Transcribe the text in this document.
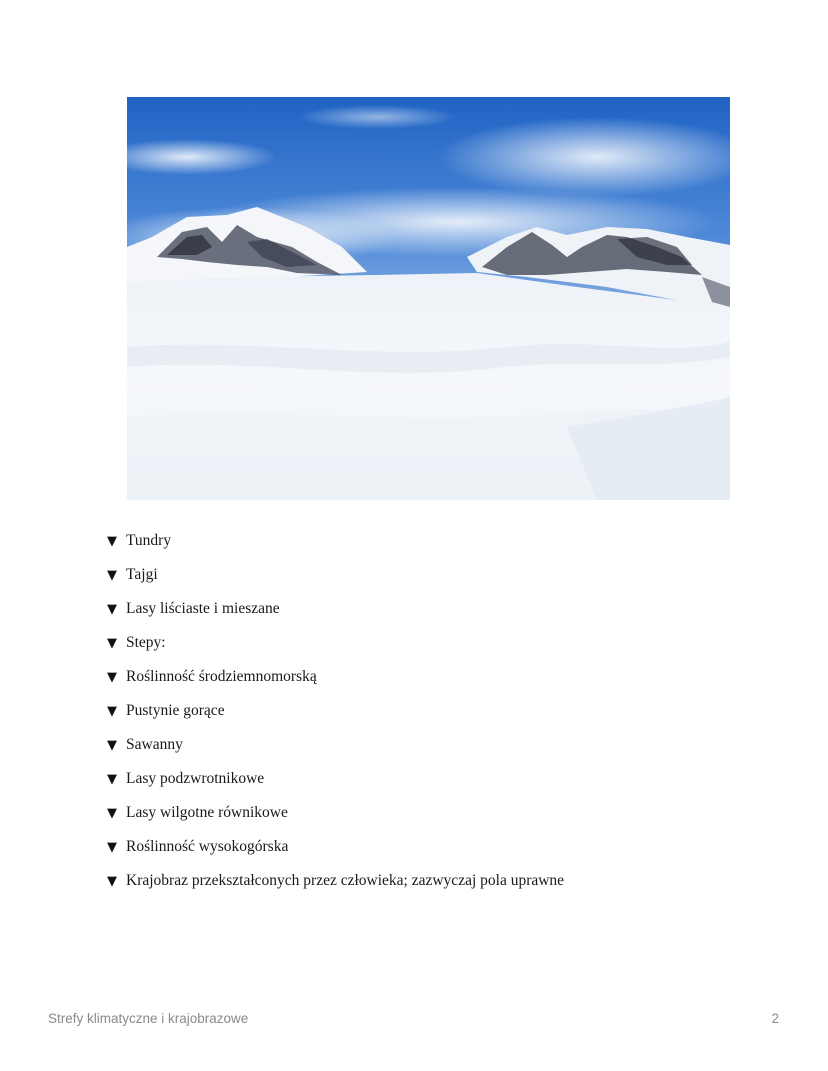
▼ Tundry
▼ Tajgi
▼ Lasy liściaste i mieszane
▼ Stepy:
▼ Roślinność środziemnomorską
▼ Pustynie gorące
▼ Sawanny
▼ Lasy podzwrotnikowe
▼ Lasy wilgotne równikowe
▼ Roślinność wysokogórska
▼ Krajobraz przekształconych przez człowieka; zazwyczaj pola uprawne
Strefy klimatyczne i krajobrazowe	2
